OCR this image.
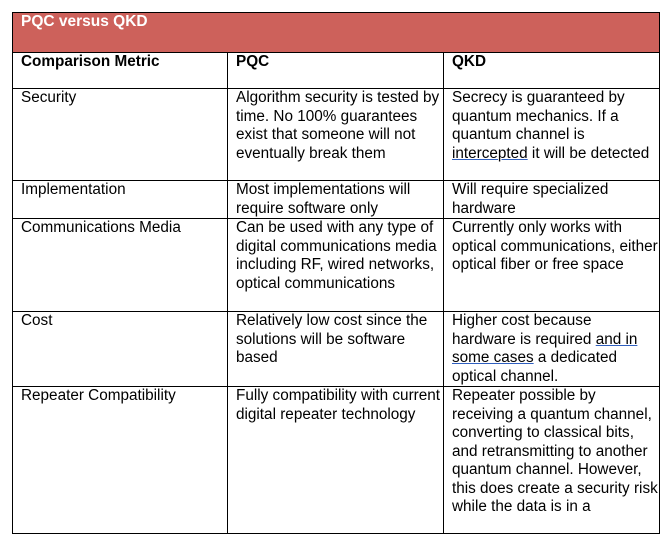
PQC versus QKD		
Comparison Metric	PQC	QKD
Security	Algorithm security is tested by time. No 100% guarantees exist that someone will not eventually break them	Secrecy is guaranteed by quantum mechanics. If a quantum channel is intercepted it will be detected
Implementation	Most implementations will require software only	Will require specialized hardware
Communications Media	Can be used with any type of digital communications media including RF, wired networks, optical communications	Currently only works with optical communications, either optical fiber or free space
Cost	Relatively low cost since the solutions will be software based	Higher cost because hardware is required and in some cases a dedicated optical channel.
Repeater Compatibility	Fully compatibility with current digital repeater technology	Repeater possible by receiving a quantum channel, converting to classical bits, and retransmitting to another quantum channel. However, this does create a security risk while the data is in a
